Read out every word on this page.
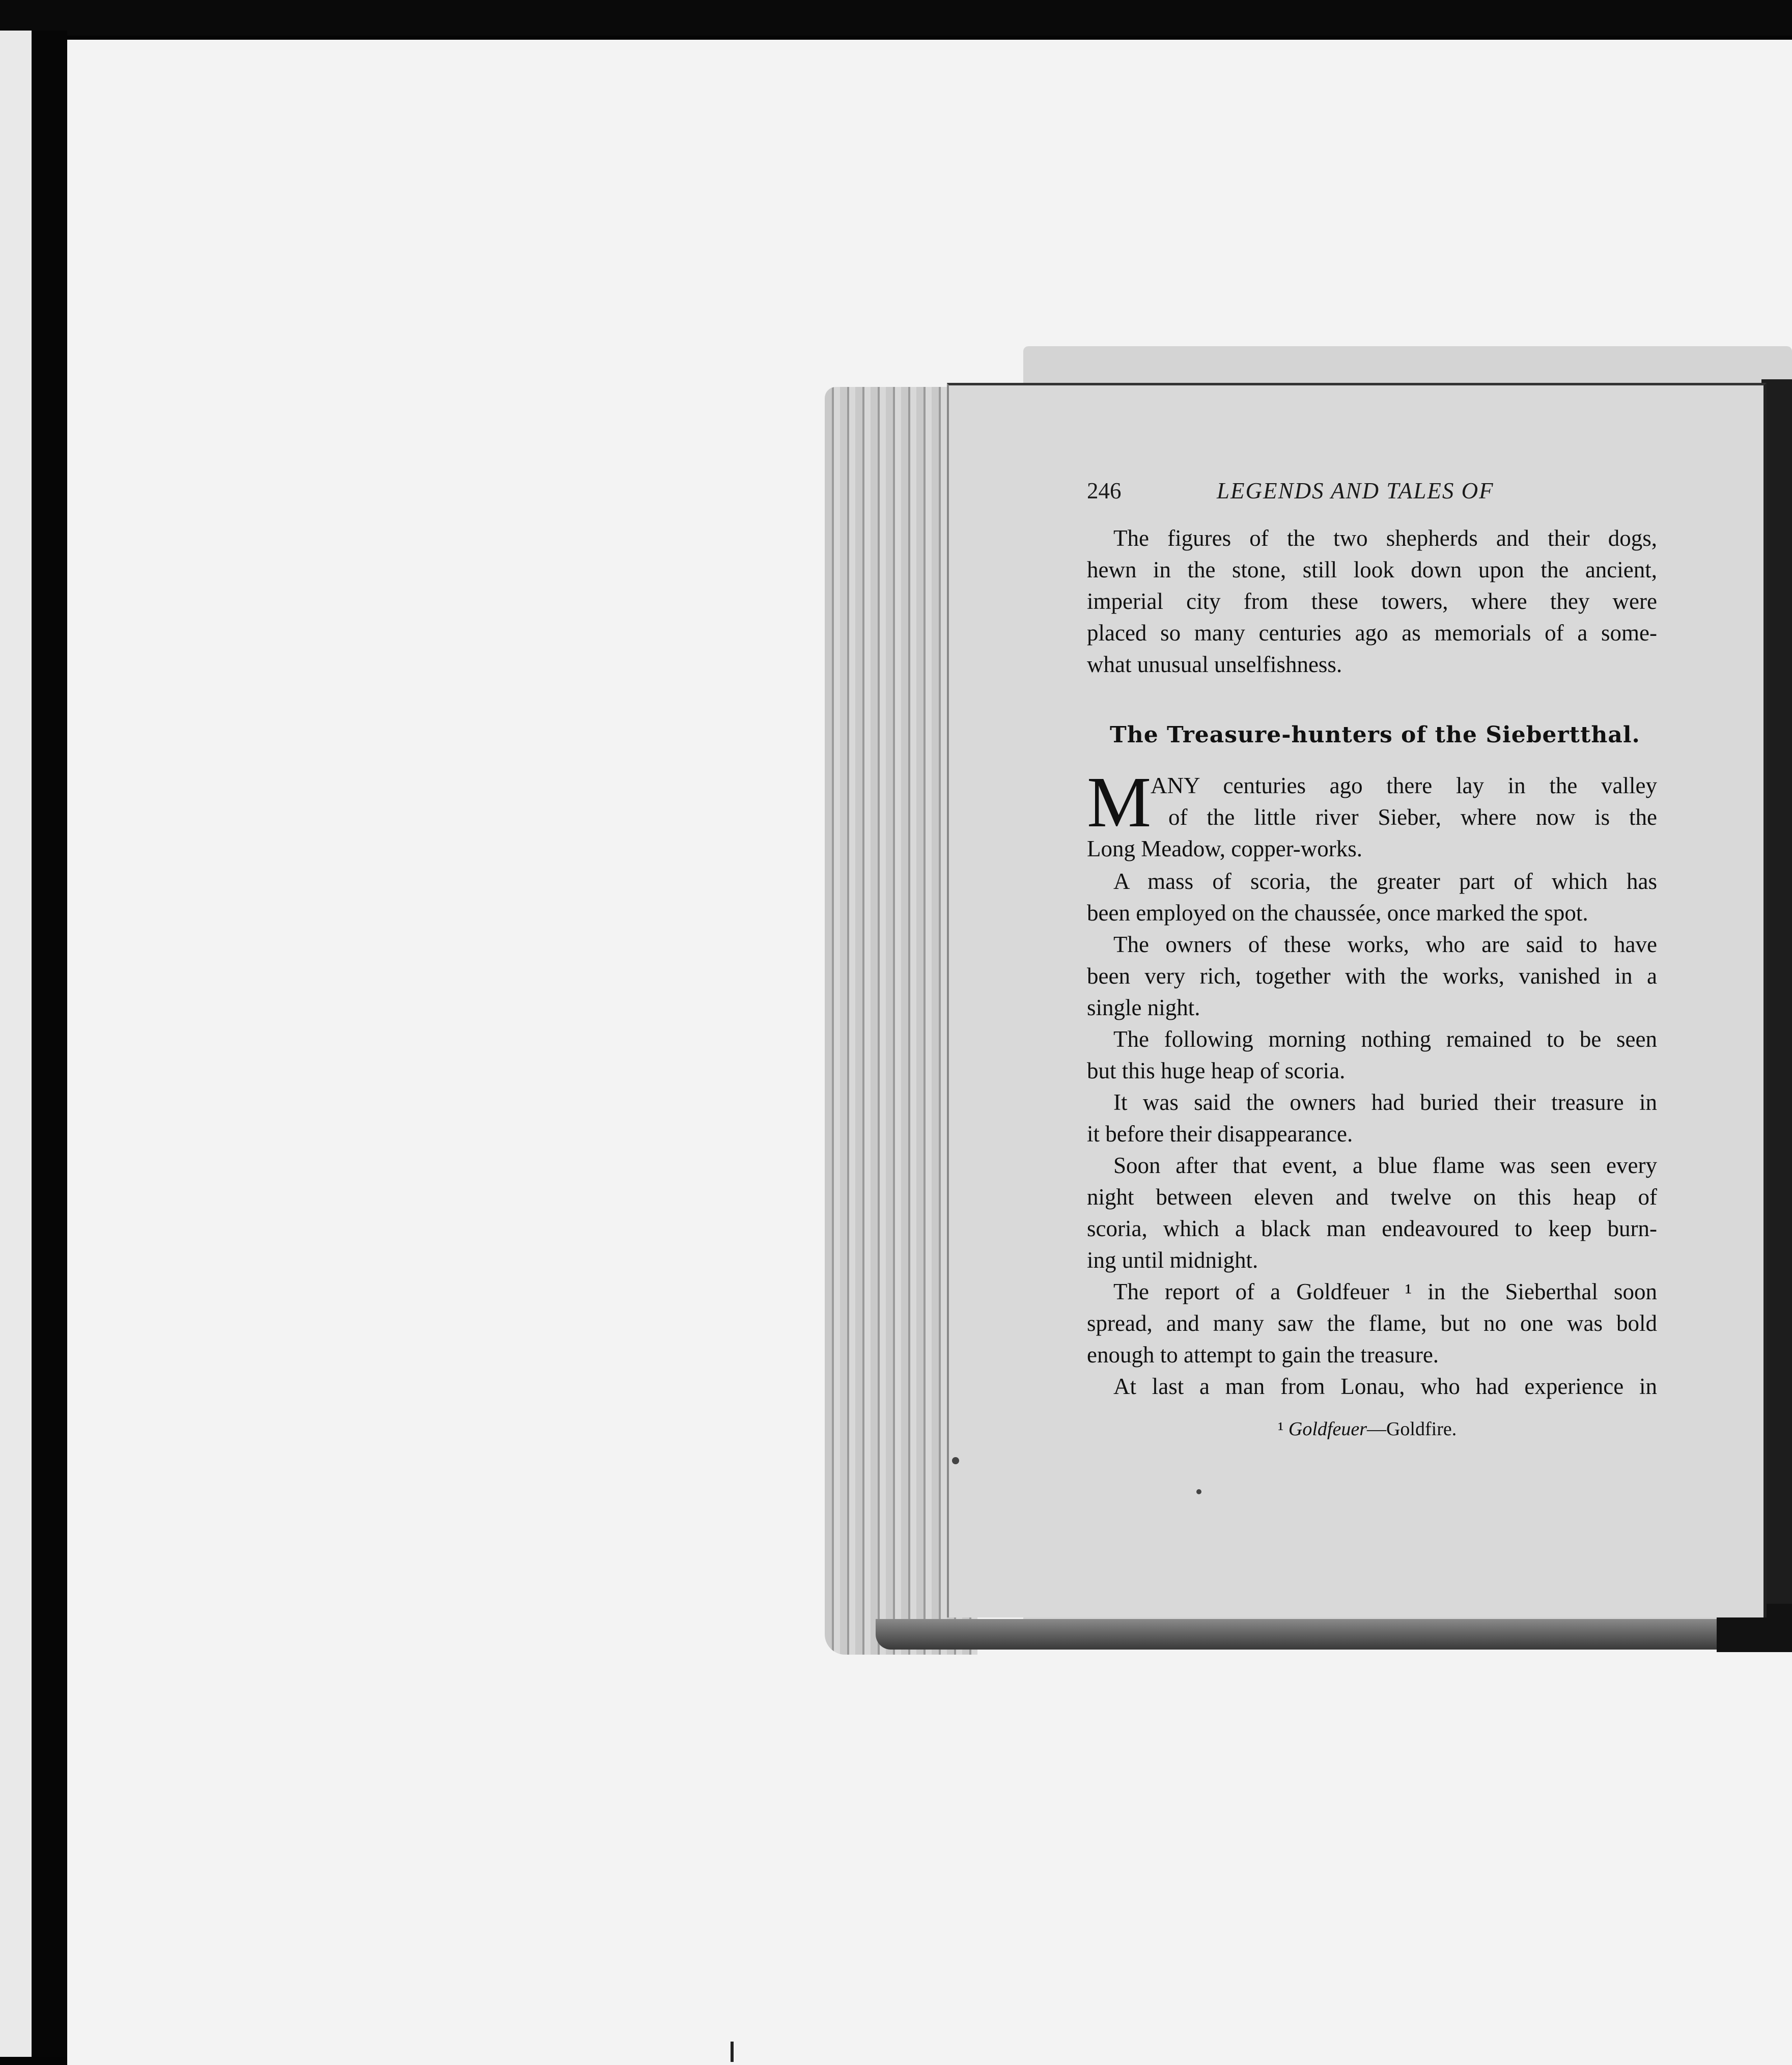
246	LEGENDS AND TALES OF
The figures of the two shepherds and their dogs,
hewn in the stone, still look down upon the ancient,
imperial city from these towers, where they were
placed so many centuries ago as memorials of a some-
what unusual unselfishness.
The Treasure-hunters of the Siebertthal.
M
ANY centuries ago there lay in the valley
of the little river Sieber, where now is the
Long Meadow, copper-works.
A mass of scoria, the greater part of which has
been employed on the chaussée, once marked the spot.
The owners of these works, who are said to have
been very rich, together with the works, vanished in a
single night.
The following morning nothing remained to be seen
but this huge heap of scoria.
It was said the owners had buried their treasure in
it before their disappearance.
Soon after that event, a blue flame was seen every
night between eleven and twelve on this heap of
scoria, which a black man endeavoured to keep burn-
ing until midnight.
The report of a Goldfeuer ¹ in the Sieberthal soon
spread, and many saw the flame, but no one was bold
enough to attempt to gain the treasure.
At last a man from Lonau, who had experience in
¹ Goldfeuer—Goldfire.
